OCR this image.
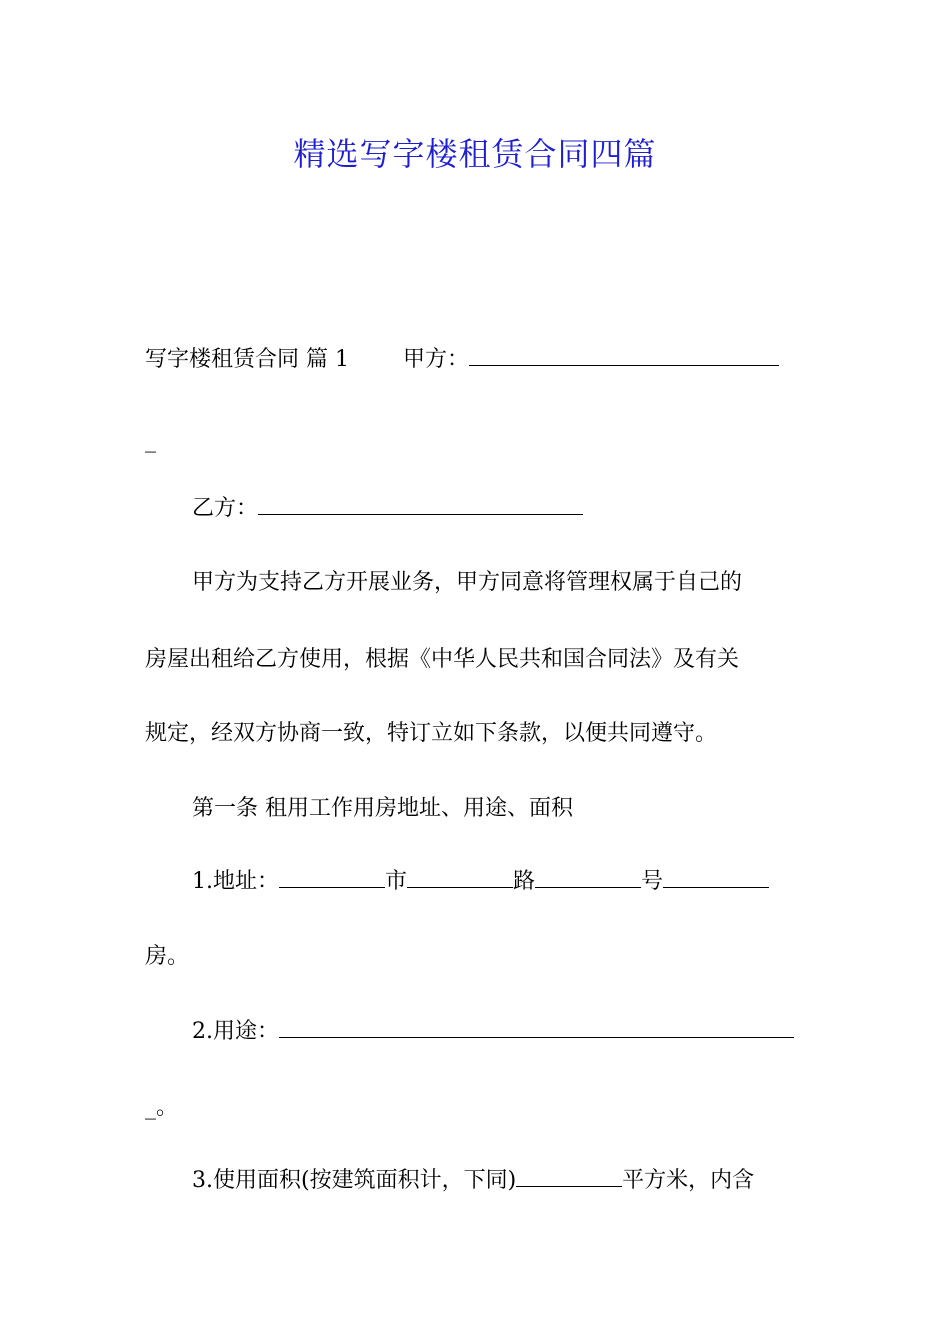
精选写字楼租赁合同四篇
写字楼租赁合同 篇 1 甲方：
_
乙方：
甲方为支持乙方开展业务，甲方同意将管理权属于自己的
房屋出租给乙方使用，根据《中华人民共和国合同法》及有关
规定，经双方协商一致，特订立如下条款，以便共同遵守。
第一条 租用工作用房地址、用途、面积
1.地址：	市	路	号
房。
2.用途：
_。
3.使用面积(按建筑面积计，下同)	平方米，内含
